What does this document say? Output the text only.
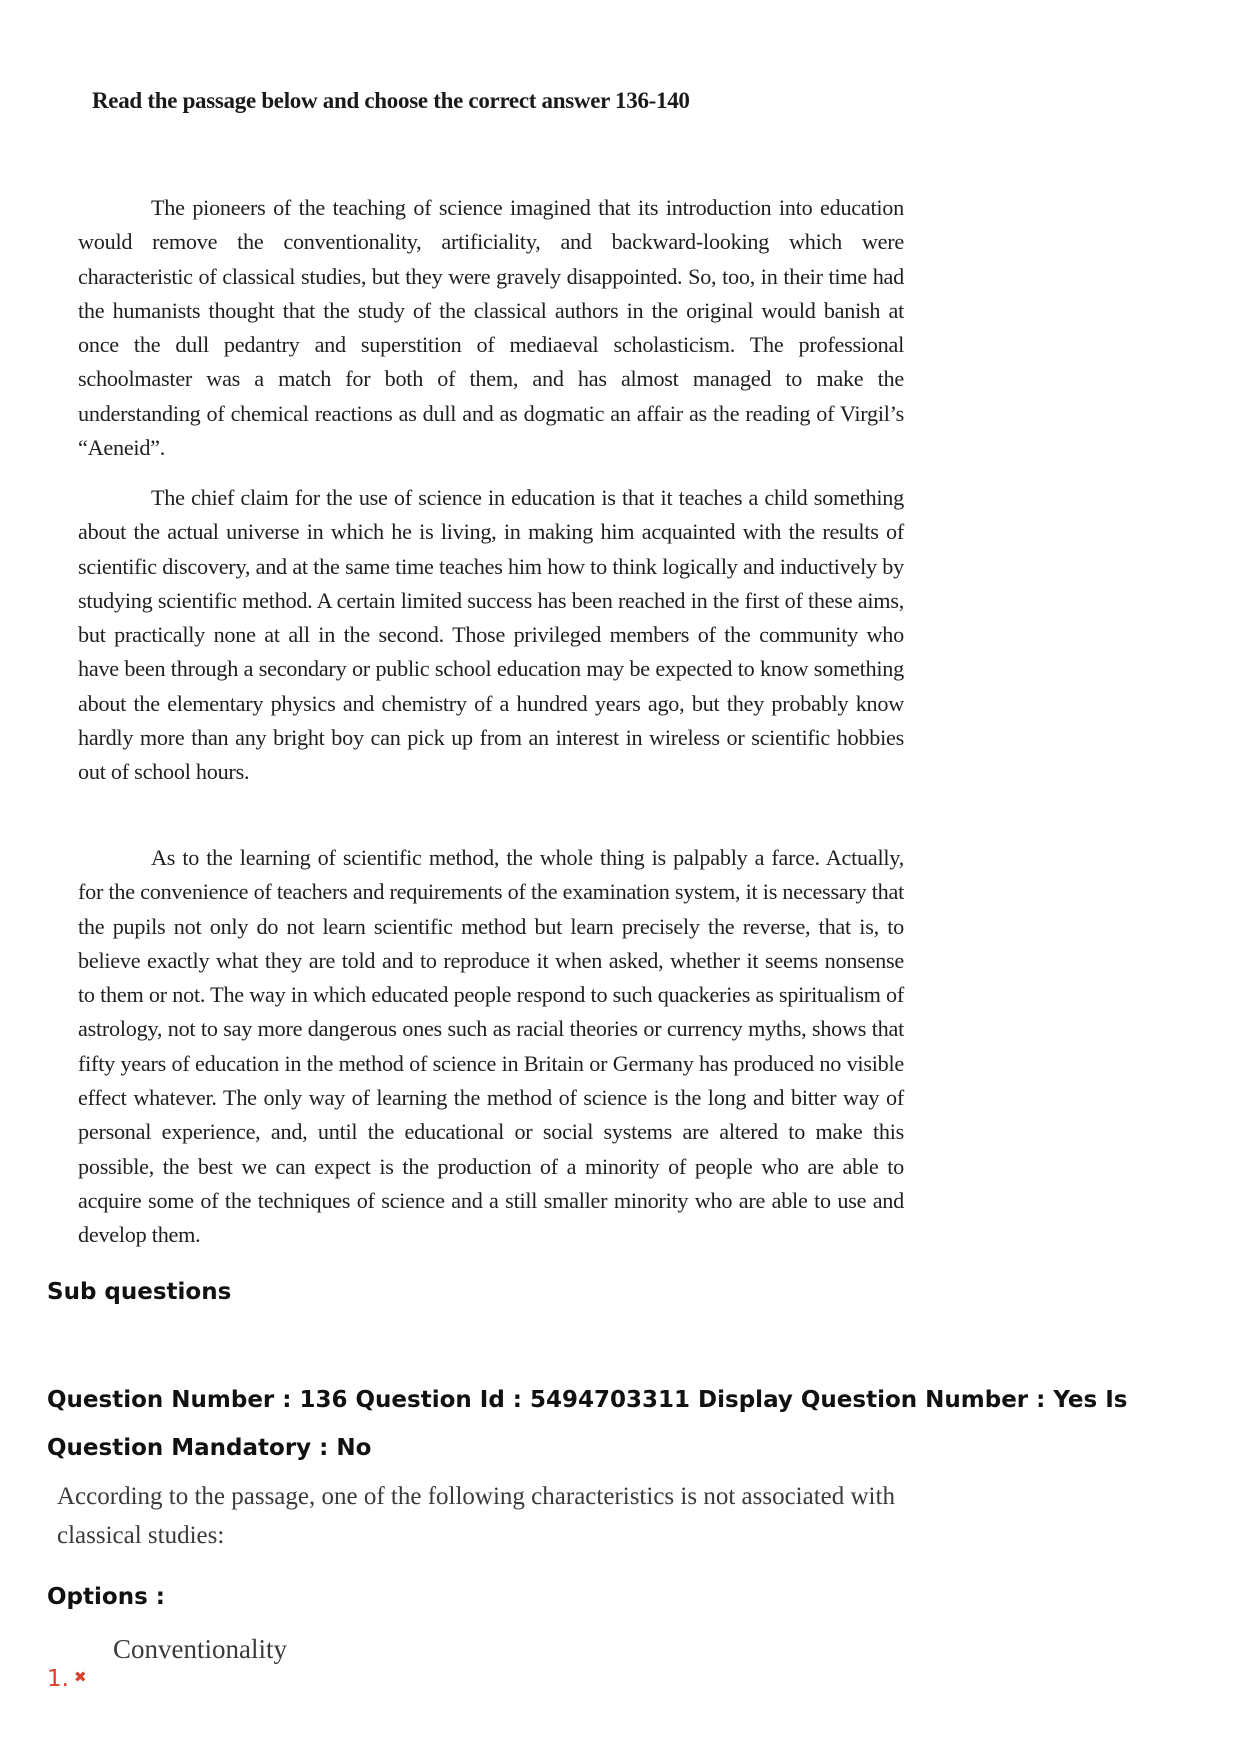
Read the passage below and choose the correct answer 136-140

The pioneers of the teaching of science imagined that its introduction into education would remove the conventionality, artificiality, and backward-looking which were characteristic of classical studies, but they were gravely disappointed. So, too, in their time had the humanists thought that the study of the classical authors in the original would banish at once the dull pedantry and superstition of mediaeval scholasticism. The professional schoolmaster was a match for both of them, and has almost managed to make the understanding of chemical reactions as dull and as dogmatic an affair as the reading of Virgil’s “Aeneid”.

The chief claim for the use of science in education is that it teaches a child something about the actual universe in which he is living, in making him acquainted with the results of scientific discovery, and at the same time teaches him how to think logically and inductively by studying scientific method. A certain limited success has been reached in the first of these aims, but practically none at all in the second. Those privileged members of the community who have been through a secondary or public school education may be expected to know something about the elementary physics and chemistry of a hundred years ago, but they probably know hardly more than any bright boy can pick up from an interest in wireless or scientific hobbies out of school hours.

As to the learning of scientific method, the whole thing is palpably a farce. Actually, for the convenience of teachers and requirements of the examination system, it is necessary that the pupils not only do not learn scientific method but learn precisely the reverse, that is, to believe exactly what they are told and to reproduce it when asked, whether it seems nonsense to them or not. The way in which educated people respond to such quackeries as spiritualism of astrology, not to say more dangerous ones such as racial theories or currency myths, shows that fifty years of education in the method of science in Britain or Germany has produced no visible effect whatever. The only way of learning the method of science is the long and bitter way of personal experience, and, until the educational or social systems are altered to make this possible, the best we can expect is the production of a minority of people who are able to acquire some of the techniques of science and a still smaller minority who are able to use and develop them.

Sub questions
Question Number : 136 Question Id : 5494703311 Display Question Number : Yes Is Question Mandatory : No

According to the passage, one of the following characteristics is not associated with classical studies:

Options :
Conventionality
1. ✖
